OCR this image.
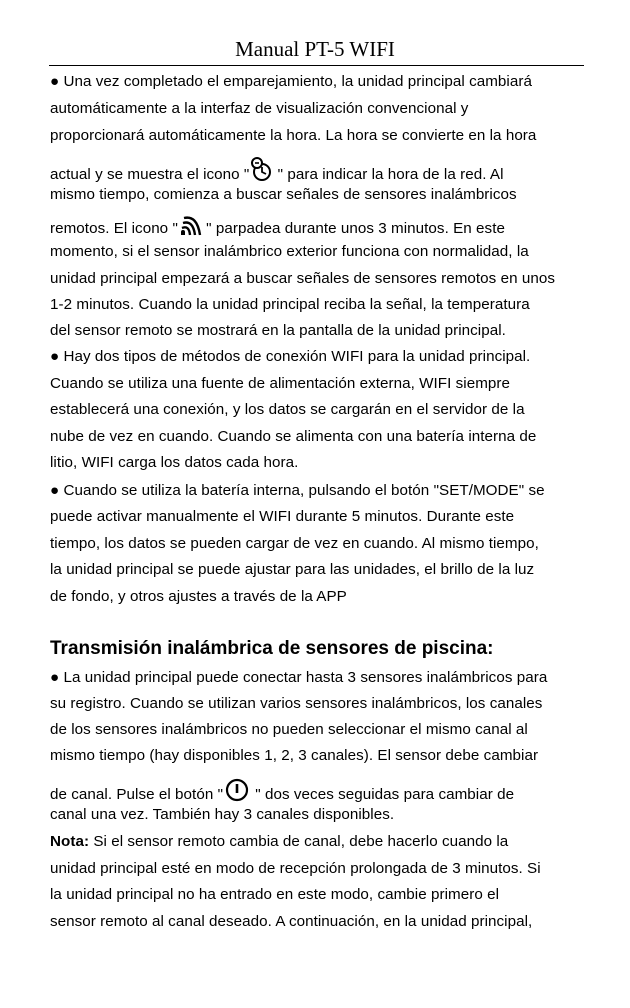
Manual PT-5 WIFI
● Una vez completado el emparejamiento, la unidad principal cambiará
automáticamente a la interfaz de visualización convencional y
proporcionará automáticamente la hora. La hora se convierte en la hora
actual y se muestra el icono " " para indicar la hora de la red. Al
mismo tiempo, comienza a buscar señales de sensores inalámbricos
remotos. El icono " " parpadea durante unos 3 minutos. En este
momento, si el sensor inalámbrico exterior funciona con normalidad, la
unidad principal empezará a buscar señales de sensores remotos en unos
1-2 minutos. Cuando la unidad principal reciba la señal, la temperatura
del sensor remoto se mostrará en la pantalla de la unidad principal.
● Hay dos tipos de métodos de conexión WIFI para la unidad principal.
Cuando se utiliza una fuente de alimentación externa, WIFI siempre
establecerá una conexión, y los datos se cargarán en el servidor de la
nube de vez en cuando. Cuando se alimenta con una batería interna de
litio, WIFI carga los datos cada hora.
● Cuando se utiliza la batería interna, pulsando el botón "SET/MODE" se
puede activar manualmente el WIFI durante 5 minutos. Durante este
tiempo, los datos se pueden cargar de vez en cuando. Al mismo tiempo,
la unidad principal se puede ajustar para las unidades, el brillo de la luz
de fondo, y otros ajustes a través de la APP
Transmisión inalámbrica de sensores de piscina:
● La unidad principal puede conectar hasta 3 sensores inalámbricos para
su registro. Cuando se utilizan varios sensores inalámbricos, los canales
de los sensores inalámbricos no pueden seleccionar el mismo canal al
mismo tiempo (hay disponibles 1, 2, 3 canales). El sensor debe cambiar
de canal. Pulse el botón " " dos veces seguidas para cambiar de
canal una vez. También hay 3 canales disponibles.
Nota: Si el sensor remoto cambia de canal, debe hacerlo cuando la
unidad principal esté en modo de recepción prolongada de 3 minutos. Si
la unidad principal no ha entrado en este modo, cambie primero el
sensor remoto al canal deseado. A continuación, en la unidad principal,
